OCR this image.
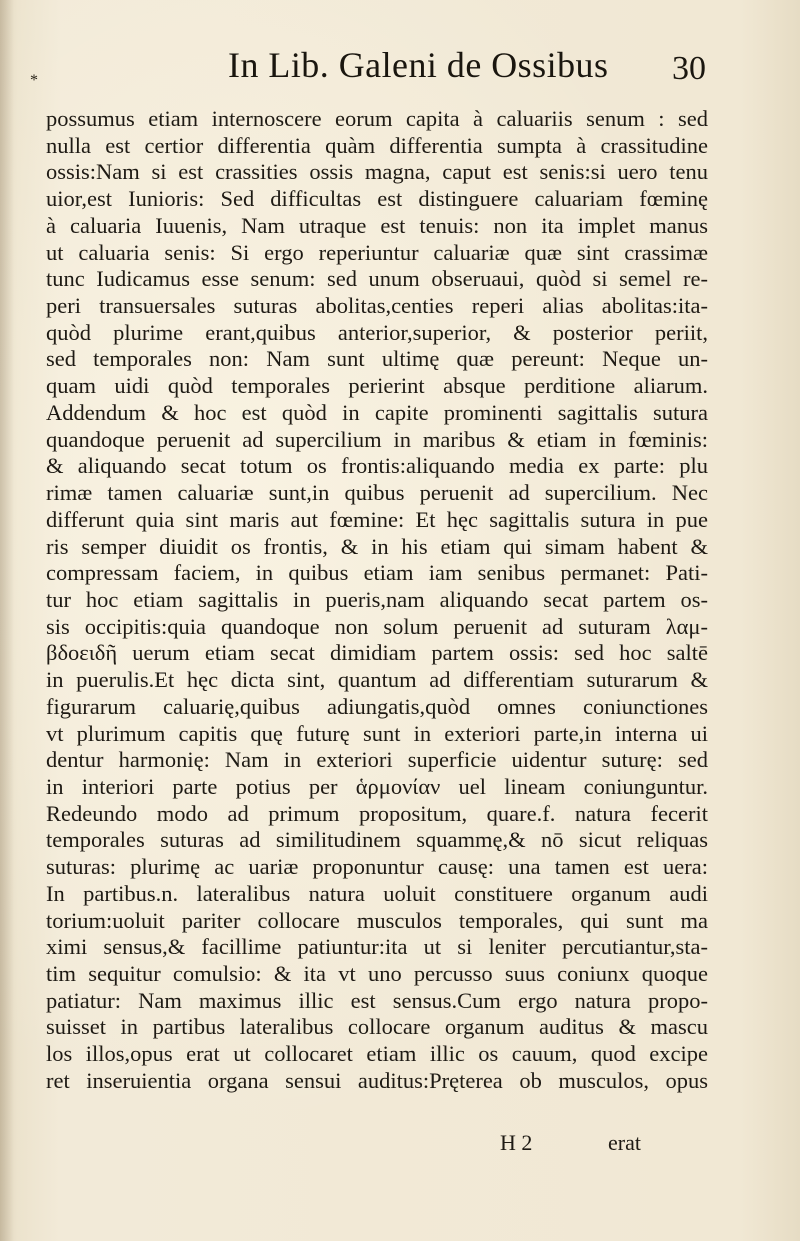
*	In Lib. Galeni de Ossibus 30
possumus etiam internoscere eorum capita à caluariis senum : sed
nulla est certior differentia quàm differentia sumpta à crassitudine
ossis:Nam si est crassities ossis magna, caput est senis:si uero tenu
uior,est Iunioris: Sed difficultas est distinguere caluariam fœminę
à caluaria Iuuenis, Nam utraque est tenuis: non ita implet manus
ut caluaria senis: Si ergo reperiuntur caluariæ quæ sint crassimæ
tunc Iudicamus esse senum: sed unum obseruaui, quòd si semel re-
peri transuersales suturas abolitas,centies reperi alias abolitas:ita-
quòd plurime erant,quibus anterior,superior, & posterior periit,
sed temporales non: Nam sunt ultimę quæ pereunt: Neque un-
quam uidi quòd temporales perierint absque perditione aliarum.
Addendum & hoc est quòd in capite prominenti sagittalis sutura
quandoque peruenit ad supercilium in maribus & etiam in fœminis:
& aliquando secat totum os frontis:aliquando media ex parte: plu
rimæ tamen caluariæ sunt,in quibus peruenit ad supercilium. Nec
differunt quia sint maris aut fœmine: Et hęc sagittalis sutura in pue
ris semper diuidit os frontis, & in his etiam qui simam habent &
compressam faciem, in quibus etiam iam senibus permanet: Pati-
tur hoc etiam sagittalis in pueris,nam aliquando secat partem os-
sis occipitis:quia quandoque non solum peruenit ad suturam λαμ-
βδοειδῆ uerum etiam secat dimidiam partem ossis: sed hoc saltē
in puerulis.Et hęc dicta sint, quantum ad differentiam suturarum &
figurarum caluarię,quibus adiungatis,quòd omnes coniunctiones
vt plurimum capitis quę futurę sunt in exteriori parte,in interna ui
dentur harmonię: Nam in exteriori superficie uidentur suturę: sed
in interiori parte potius per ἁρμονίαν uel lineam coniunguntur.
Redeundo modo ad primum propositum, quare.f. natura fecerit
temporales suturas ad similitudinem squammę,& nō sicut reliquas
suturas: plurimę ac uariæ proponuntur causę: una tamen est uera:
In partibus.n. lateralibus natura uoluit constituere organum audi
torium:uoluit pariter collocare musculos temporales, qui sunt ma
ximi sensus,& facillime patiuntur:ita ut si leniter percutiantur,sta-
tim sequitur comulsio: & ita vt uno percusso suus coniunx quoque
patiatur: Nam maximus illic est sensus.Cum ergo natura propo-
suisset in partibus lateralibus collocare organum auditus & mascu
los illos,opus erat ut collocaret etiam illic os cauum, quod excipe
ret inseruientia organa sensui auditus:Pręterea ob musculos, opus
H 2	erat
